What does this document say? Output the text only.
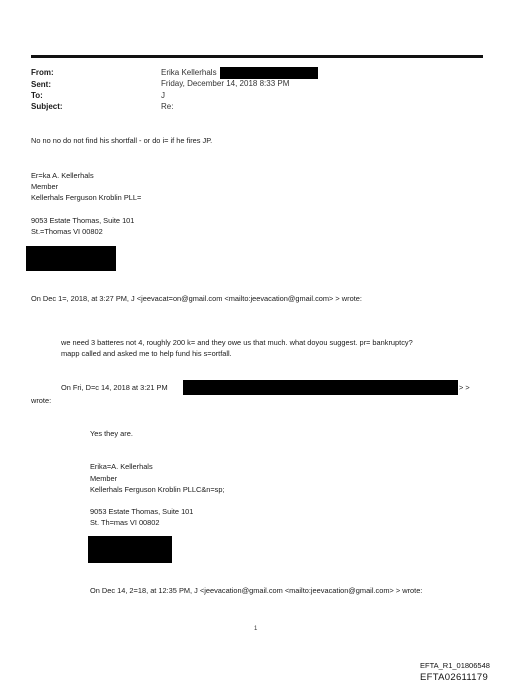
From:
Sent:
To:
Subject:
Erika Kellerhals
Friday, December 14, 2018 8:33 PM
J
Re:
No no no do not find his shortfall - or do i= if he fires JP.
Er=ka A. Kellerhals
Member
Kellerhals Ferguson Kroblin PLL=
9053 Estate Thomas, Suite 101
St.=Thomas VI 00802
On Dec 1=, 2018, at 3:27 PM, J <jeevacat=on@gmail.com <mailto:jeevacation@gmail.com> > wrote:
we need 3 batteres not 4, roughly 200 k= and they owe us that much. what doyou suggest. pr= bankruptcy?
mapp called and asked me to help fund his s=ortfall.
On Fri, D=c 14, 2018 at 3:21 PM	> >
wrote:
Yes they are.
Erika=A. Kellerhals
Member
Kellerhals Ferguson Kroblin PLLC&n=sp;
9053 Estate Thomas, Suite 101
St. Th=mas VI 00802
On Dec 14, 2=18, at 12:35 PM, J <jeevacation@gmail.com <mailto:jeevacation@gmail.com> > wrote:
1
EFTA_R1_01806548
EFTA02611179
